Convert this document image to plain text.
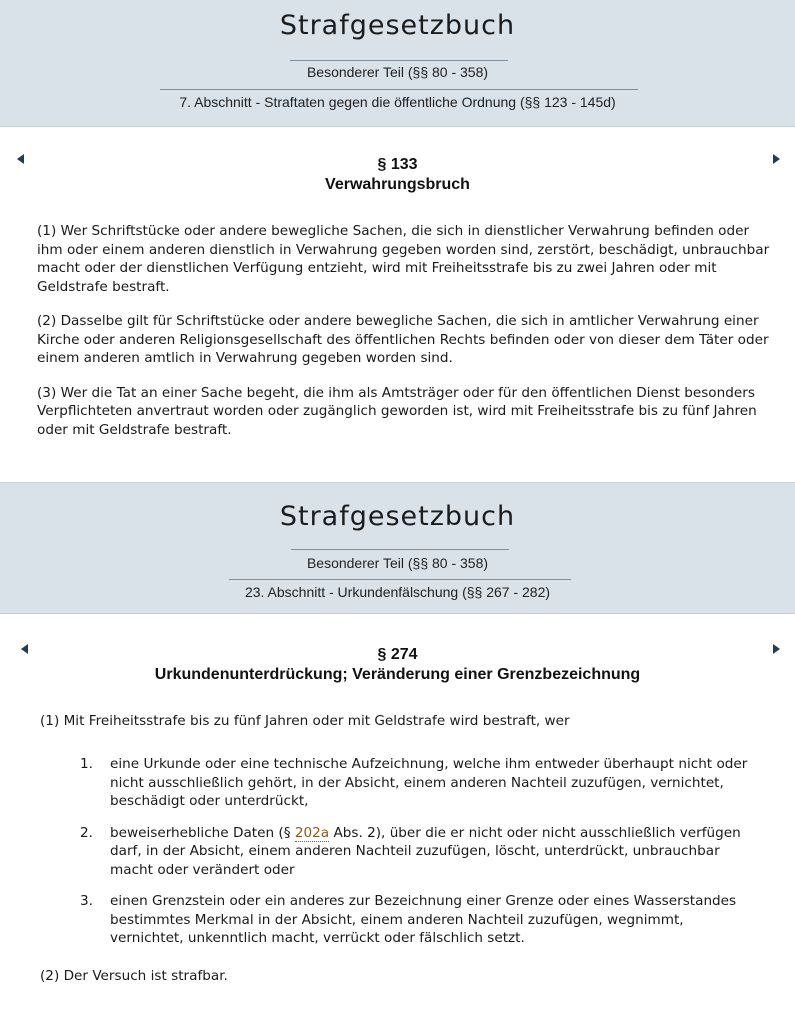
Strafgesetzbuch
Besonderer Teil (§§ 80 - 358)
7. Abschnitt - Straftaten gegen die öffentliche Ordnung (§§ 123 - 145d)
§ 133
Verwahrungsbruch

(1) Wer Schriftstücke oder andere bewegliche Sachen, die sich in dienstlicher Verwahrung befinden oder ihm oder einem anderen dienstlich in Verwahrung gegeben worden sind, zerstört, beschädigt, unbrauchbar macht oder der dienstlichen Verfügung entzieht, wird mit Freiheitsstrafe bis zu zwei Jahren oder mit Geldstrafe bestraft.

(2) Dasselbe gilt für Schriftstücke oder andere bewegliche Sachen, die sich in amtlicher Verwahrung einer Kirche oder anderen Religionsgesellschaft des öffentlichen Rechts befinden oder von dieser dem Täter oder einem anderen amtlich in Verwahrung gegeben worden sind.

(3) Wer die Tat an einer Sache begeht, die ihm als Amtsträger oder für den öffentlichen Dienst besonders Verpflichteten anvertraut worden oder zugänglich geworden ist, wird mit Freiheitsstrafe bis zu fünf Jahren oder mit Geldstrafe bestraft.

Strafgesetzbuch
Besonderer Teil (§§ 80 - 358)
23. Abschnitt - Urkundenfälschung (§§ 267 - 282)
§ 274
Urkundenunterdrückung; Veränderung einer Grenzbezeichnung
(1) Mit Freiheitsstrafe bis zu fünf Jahren oder mit Geldstrafe wird bestraft, wer
1.	eine Urkunde oder eine technische Aufzeichnung, welche ihm entweder überhaupt nicht oder nicht ausschließlich gehört, in der Absicht, einem anderen Nachteil zuzufügen, vernichtet, beschädigt oder unterdrückt,
2.	beweiserhebliche Daten (§ 202a Abs. 2), über die er nicht oder nicht ausschließlich verfügen darf, in der Absicht, einem anderen Nachteil zuzufügen, löscht, unterdrückt, unbrauchbar macht oder verändert oder
3.	einen Grenzstein oder ein anderes zur Bezeichnung einer Grenze oder eines Wasserstandes bestimmtes Merkmal in der Absicht, einem anderen Nachteil zuzufügen, wegnimmt, vernichtet, unkenntlich macht, verrückt oder fälschlich setzt.
(2) Der Versuch ist strafbar.
